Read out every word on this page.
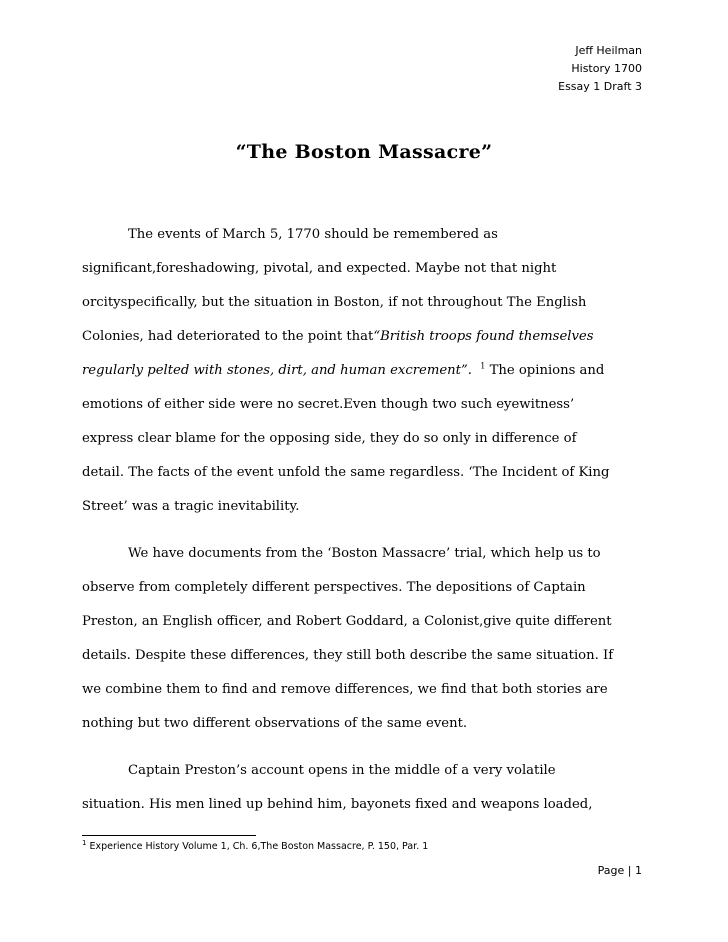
Jeff Heilman
History 1700
Essay 1 Draft 3
“The Boston Massacre”
The events of March 5, 1770 should be remembered as
significant,foreshadowing, pivotal, and expected. Maybe not that night
orcityspecifically, but the situation in Boston, if not throughout The English
Colonies, had deteriorated to the point that“British troops found themselves
regularly pelted with stones, dirt, and human excrement”. $^1$ The opinions and
emotions of either side were no secret.Even though two such eyewitness’
express clear blame for the opposing side, they do so only in difference of
detail. The facts of the event unfold the same regardless. ‘The Incident of King
Street’ was a tragic inevitability.
We have documents from the ‘Boston Massacre’ trial, which help us to
observe from completely different perspectives. The depositions of Captain
Preston, an English officer, and Robert Goddard, a Colonist,give quite different
details. Despite these differences, they still both describe the same situation. If
we combine them to find and remove differences, we find that both stories are
nothing but two different observations of the same event.
Captain Preston’s account opens in the middle of a very volatile
situation. His men lined up behind him, bayonets fixed and weapons loaded,
$^1$ Experience History Volume 1, Ch. 6,The Boston Massacre, P. 150, Par. 1
Page | 1
